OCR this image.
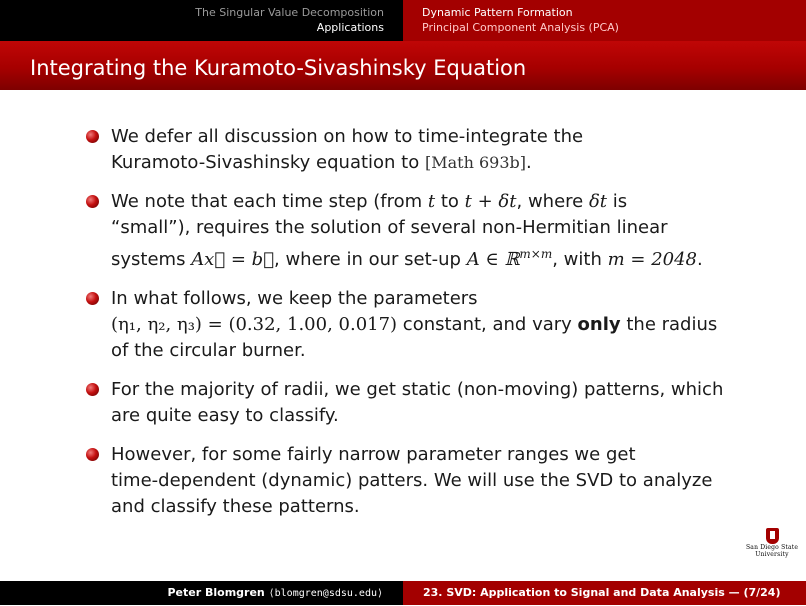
The Singular Value Decomposition
Applications
Dynamic Pattern Formation
Principal Component Analysis (PCA)
Integrating the Kuramoto-Sivashinsky Equation
We defer all discussion on how to time-integrate the
Kuramoto-Sivashinsky equation to [Math 693b].
We note that each time step (from t to t + δt, where δt is
“small”), requires the solution of several non-Hermitian linear
systems Ax⃗ = b⃗, where in our set-up A ∈ ℝ$^{m\times m}$, with m = 2048.
In what follows, we keep the parameters
(η₁, η₂, η₃) = (0.32, 1.00, 0.017) constant, and vary only the radius
of the circular burner.
For the majority of radii, we get static (non-moving) patterns, which
are quite easy to classify.
However, for some fairly narrow parameter ranges we get
time-dependent (dynamic) patters. We will use the SVD to analyze
and classify these patterns.
San Diego State
University
Peter Blomgren ⟨blomgren@sdsu.edu⟩	23. SVD: Application to Signal and Data Analysis — (7/24)
